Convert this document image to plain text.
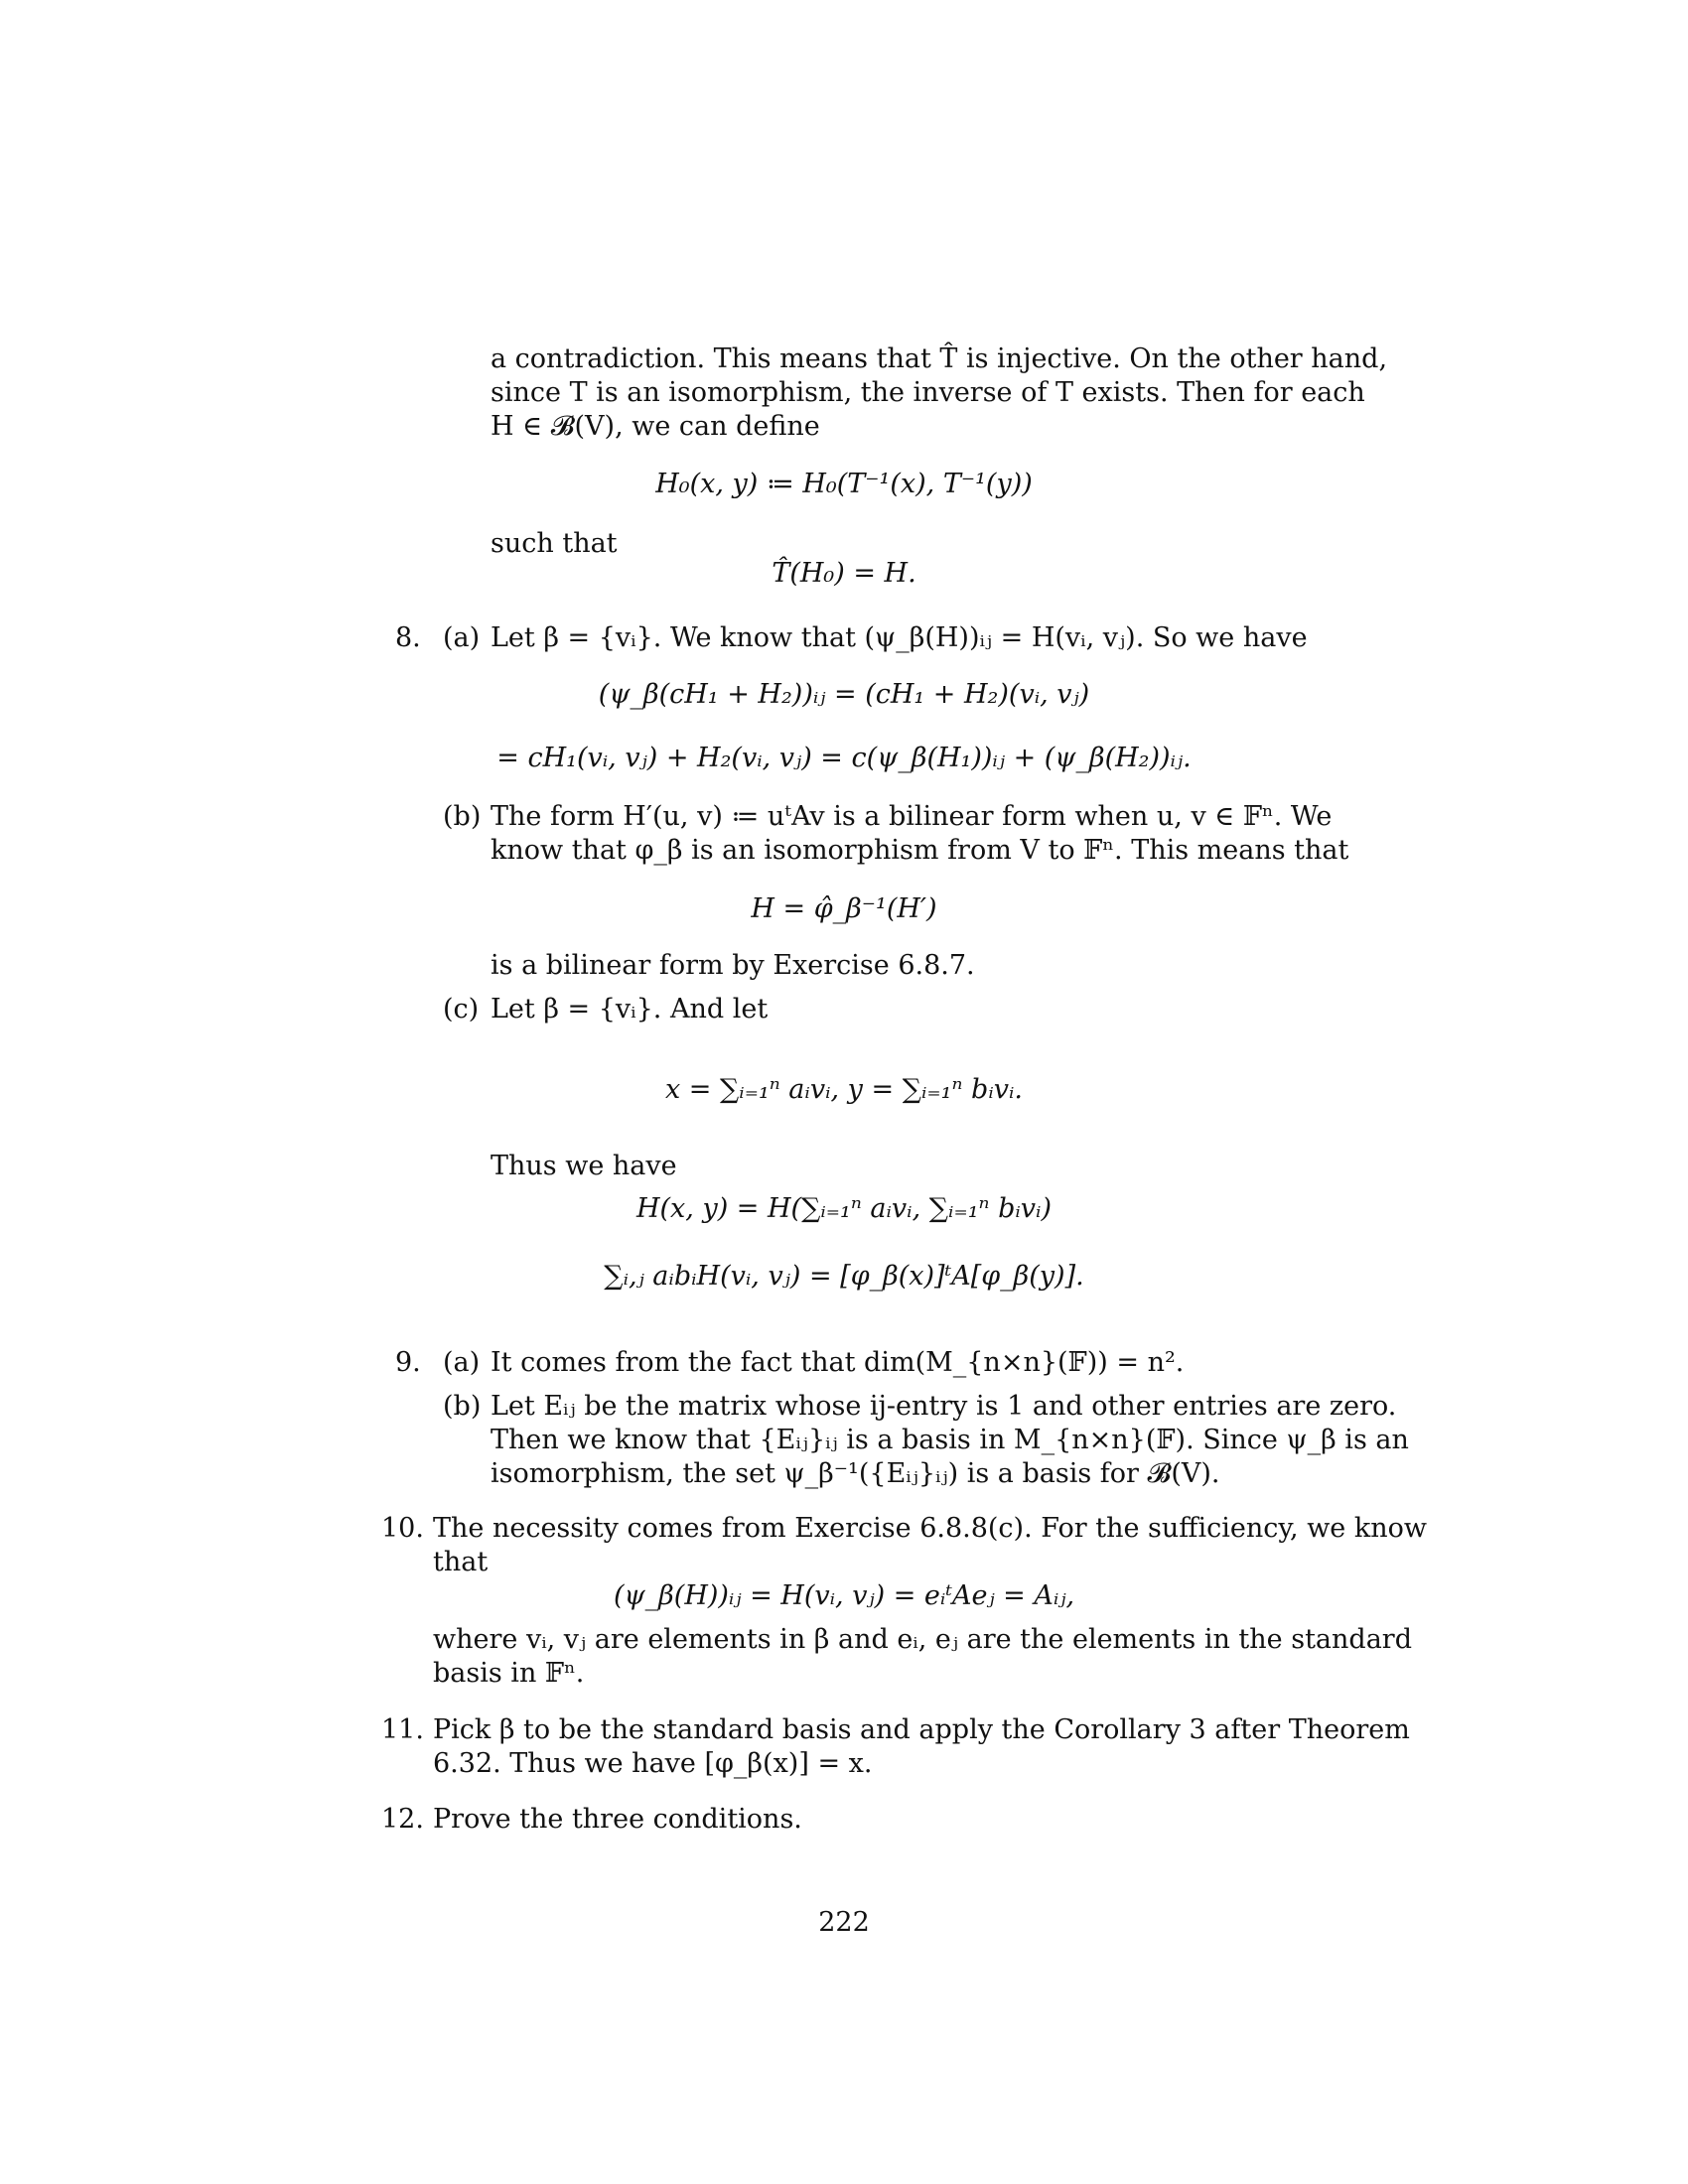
a contradiction. This means that T̂ is injective. On the other hand,
since T is an isomorphism, the inverse of T exists. Then for each
H ∈ 𝓑(V), we can define
H₀(x, y) ≔ H₀(T⁻¹(x), T⁻¹(y))
such that
T̂(H₀) = H.
8. (a) Let β = {vᵢ}. We know that (ψ_β(H))ᵢⱼ = H(vᵢ, vⱼ). So we have
(ψ_β(cH₁ + H₂))ᵢⱼ = (cH₁ + H₂)(vᵢ, vⱼ)
= cH₁(vᵢ, vⱼ) + H₂(vᵢ, vⱼ) = c(ψ_β(H₁))ᵢⱼ + (ψ_β(H₂))ᵢⱼ.
(b) The form H′(u, v) ≔ uᵗAv is a bilinear form when u, v ∈ 𝔽ⁿ. We
know that φ_β is an isomorphism from V to 𝔽ⁿ. This means that
H = φ̂_β⁻¹(H′)
is a bilinear form by Exercise 6.8.7.
(c) Let β = {vᵢ}. And let
x = ∑ᵢ₌₁ⁿ aᵢvᵢ, y = ∑ᵢ₌₁ⁿ bᵢvᵢ.
Thus we have
H(x, y) = H(∑ᵢ₌₁ⁿ aᵢvᵢ, ∑ᵢ₌₁ⁿ bᵢvᵢ)
∑ᵢ,ⱼ aᵢbᵢH(vᵢ, vⱼ) = [φ_β(x)]ᵗA[φ_β(y)].
9. (a) It comes from the fact that dim(M_{n×n}(𝔽)) = n².
(b) Let Eᵢⱼ be the matrix whose ij-entry is 1 and other entries are zero.
Then we know that {Eᵢⱼ}ᵢⱼ is a basis in M_{n×n}(𝔽). Since ψ_β is an
isomorphism, the set ψ_β⁻¹({Eᵢⱼ}ᵢⱼ) is a basis for 𝓑(V).
10. The necessity comes from Exercise 6.8.8(c). For the sufficiency, we know
that
(ψ_β(H))ᵢⱼ = H(vᵢ, vⱼ) = eᵢᵗAeⱼ = Aᵢⱼ,
where vᵢ, vⱼ are elements in β and eᵢ, eⱼ are the elements in the standard
basis in 𝔽ⁿ.
11. Pick β to be the standard basis and apply the Corollary 3 after Theorem
6.32. Thus we have [φ_β(x)] = x.
12. Prove the three conditions.
222
